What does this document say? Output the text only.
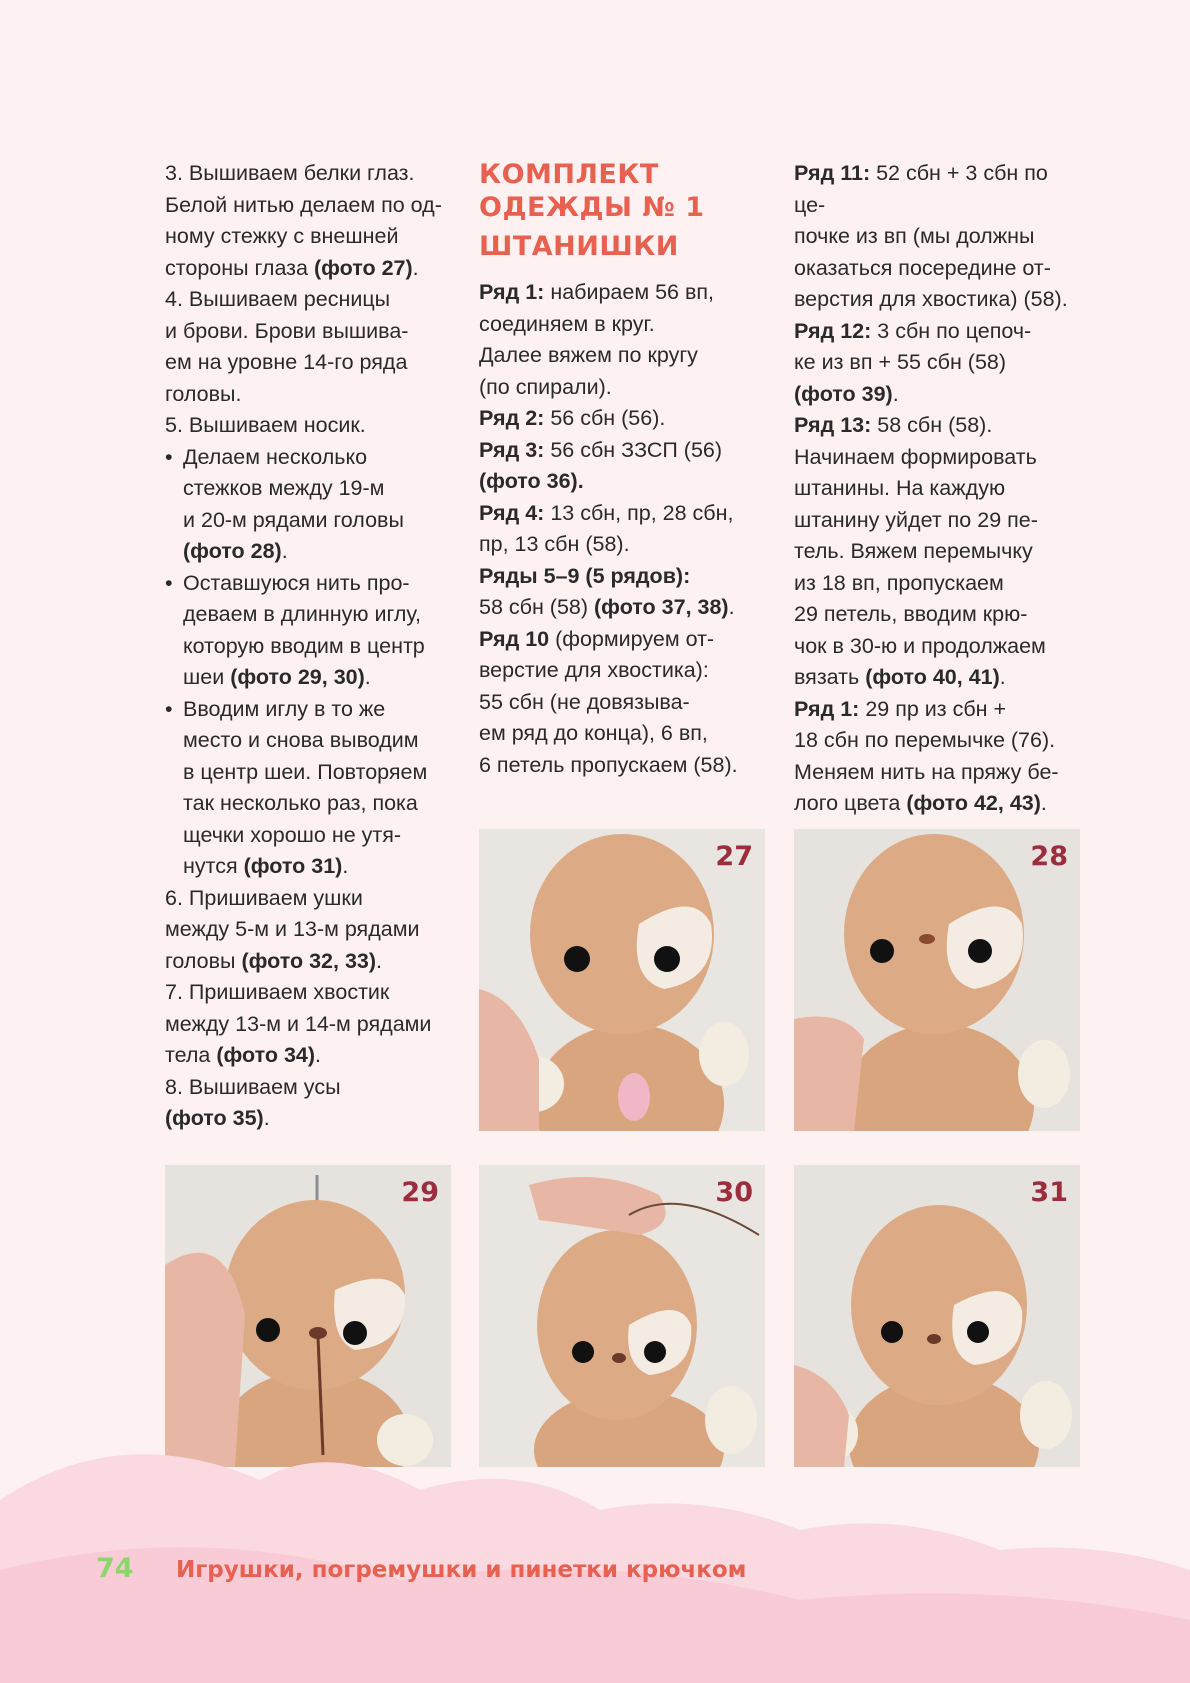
3. Вышиваем белки глаз.

Белой нитью делаем по од-

ному стежку с внешней

стороны глаза (фото 27).

4. Вышиваем ресницы

и брови. Брови вышива-

ем на уровне 14-го ряда

головы.

5. Вышиваем носик.

• Делаем несколько

стежков между 19-м

и 20-м рядами головы

(фото 28).

• Оставшуюся нить про-

деваем в длинную иглу,

которую вводим в центр

шеи (фото 29, 30).

• Вводим иглу в то же

место и снова выводим

в центр шеи. Повторяем

так несколько раз, пока

щечки хорошо не утя-

нутся (фото 31).

6. Пришиваем ушки

между 5-м и 13-м рядами

головы (фото 32, 33).

7. Пришиваем хвостик

между 13-м и 14-м рядами

тела (фото 34).

8. Вышиваем усы

(фото 35).

КОМПЛЕКТ
ОДЕЖДЫ № 1
ШТАНИШКИ

Ряд 1: набираем 56 вп,

соединяем в круг.

Далее вяжем по кругу

(по спирали).

Ряд 2: 56 сбн (56).

Ряд 3: 56 сбн ЗЗСП (56)

(фото 36).

Ряд 4: 13 сбн, пр, 28 сбн,

пр, 13 сбн (58).

Ряды 5–9 (5 рядов):

58 сбн (58) (фото 37, 38).

Ряд 10 (формируем от-

верстие для хвостика):

55 сбн (не довязыва-

ем ряд до конца), 6 вп,

6 петель пропускаем (58).

Ряд 11: 52 сбн + 3 сбн по це-

почке из вп (мы должны

оказаться посередине от-

верстия для хвостика) (58).

Ряд 12: 3 сбн по цепоч-

ке из вп + 55 сбн (58)

(фото 39).

Ряд 13: 58 сбн (58).

Начинаем формировать

штанины. На каждую

штанину уйдет по 29 пе-

тель. Вяжем перемычку

из 18 вп, пропускаем

29 петель, вводим крю-

чок в 30-ю и продолжаем

вязать (фото 40, 41).

Ряд 1: 29 пр из сбн +

18 сбн по перемычке (76).

Меняем нить на пряжу бе-

лого цвета (фото 42, 43).

27	28
29	30	31
74 Игрушки, погремушки и пинетки крючком
